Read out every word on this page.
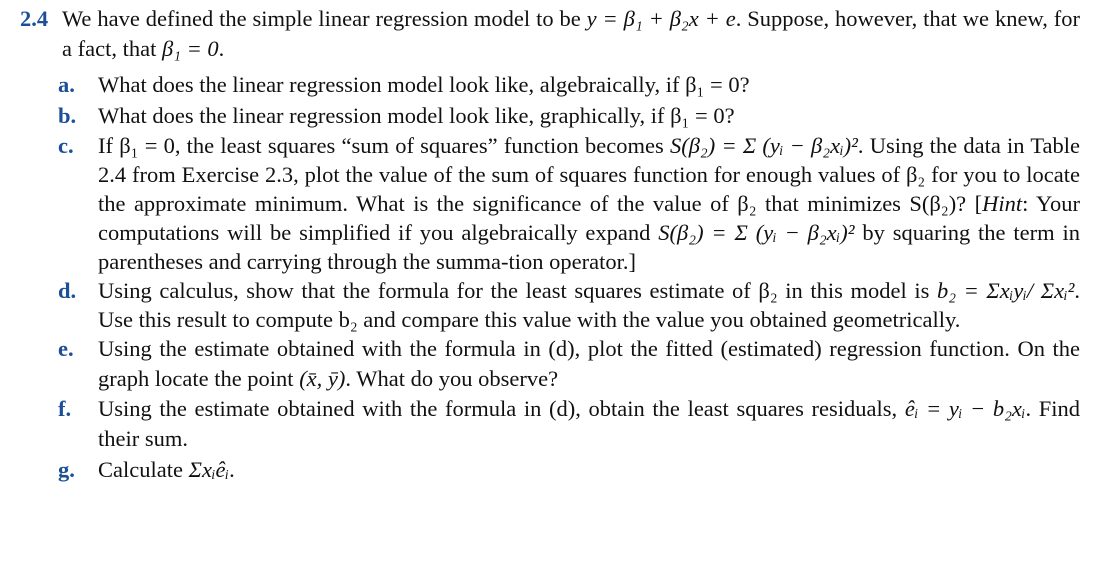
2.4 We have defined the simple linear regression model to be y = β₁ + β₂x + e. Suppose, however, that we knew, for a fact, that β₁ = 0.
a. What does the linear regression model look like, algebraically, if β₁ = 0?
b. What does the linear regression model look like, graphically, if β₁ = 0?
c. If β₁ = 0, the least squares “sum of squares” function becomes S(β₂) = Σ (yᵢ − β₂xᵢ)². Using the data in Table 2.4 from Exercise 2.3, plot the value of the sum of squares function for enough values of β₂ for you to locate the approximate minimum. What is the significance of the value of β₂ that minimizes S(β₂)? [Hint: Your computations will be simplified if you algebraically expand S(β₂) = Σ (yᵢ − β₂xᵢ)² by squaring the term in parentheses and carrying through the summa-tion operator.]
d. Using calculus, show that the formula for the least squares estimate of β₂ in this model is b₂ = Σxᵢyᵢ/ Σxᵢ². Use this result to compute b₂ and compare this value with the value you obtained geometrically.
e. Using the estimate obtained with the formula in (d), plot the fitted (estimated) regression function. On the graph locate the point (x̄, ȳ). What do you observe?
f. Using the estimate obtained with the formula in (d), obtain the least squares residuals, êᵢ = yᵢ − b₂xᵢ. Find their sum.
g. Calculate Σxᵢêᵢ.
